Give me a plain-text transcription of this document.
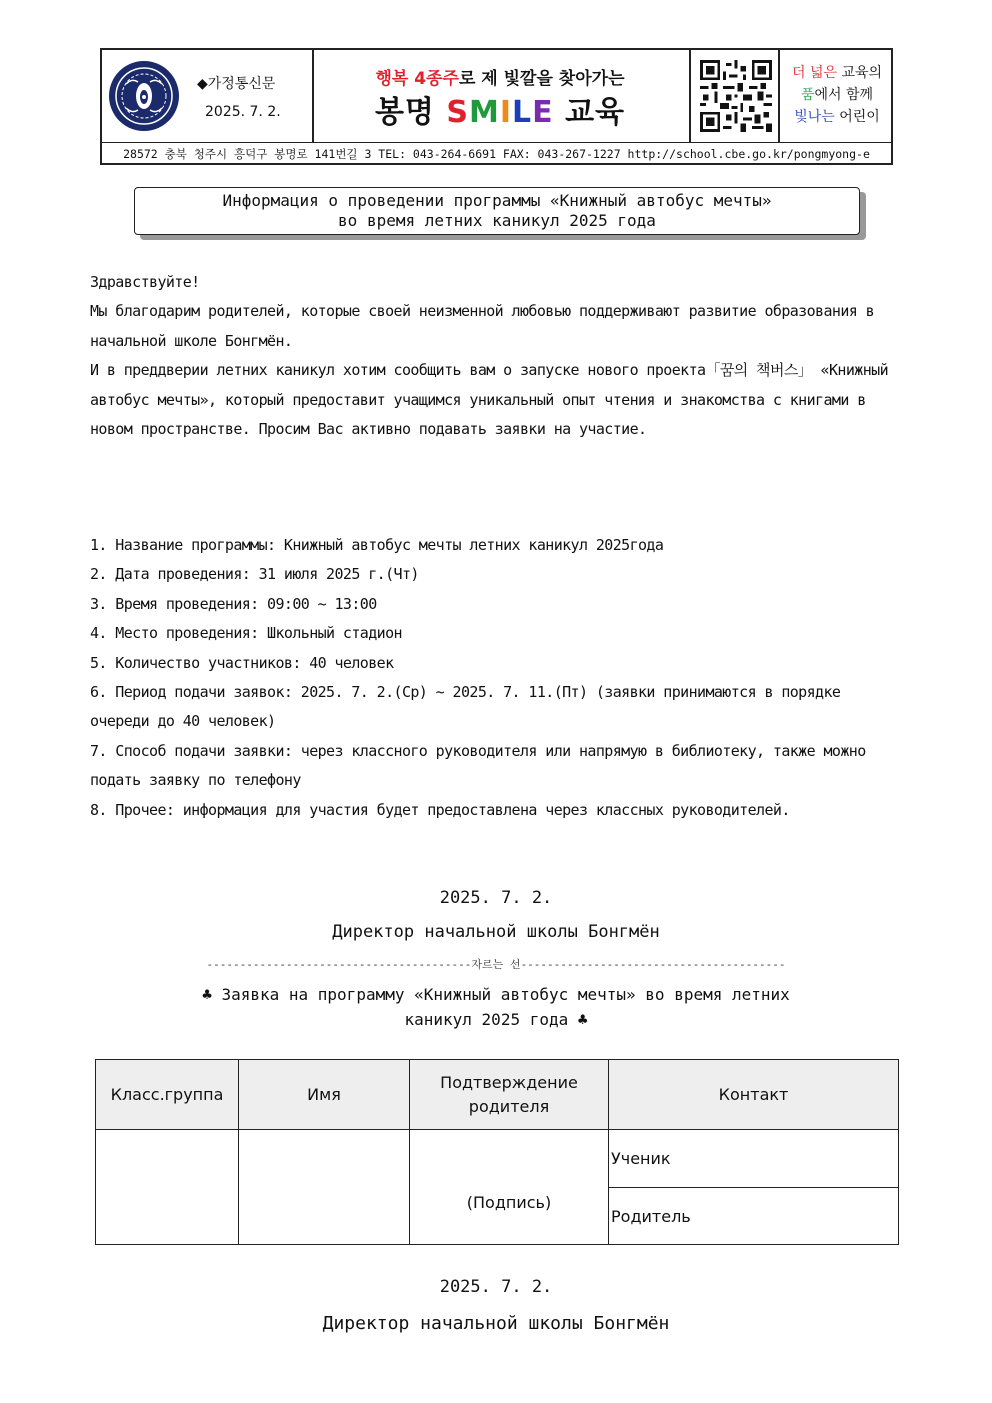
◆가정통신문
2025. 7. 2.
행복 4종주로 제 빛깔을 찾아가는
봉명 SMILE 교육
더 넓은 교육의
품에서 함께
빛나는 어린이
28572 충북 청주시 흥덕구 봉명로 141번길 3 TEL: 043-264-6691 FAX: 043-267-1227 http://school.cbe.go.kr/pongmyong-e
Информация о проведении программы «Книжный автобус мечты»
во время летних каникул 2025 года
Здравствуйте!
Мы благодарим родителей, которые своей неизменной любовью поддерживают развитие образования в начальной школе Бонгмён.
И в преддверии летних каникул хотим сообщить вам о запуске нового проекта「꿈의 책버스」 «Книжный автобус мечты», который предоставит учащимся уникальный опыт чтения и знакомства с книгами в новом пространстве. Просим Вас активно подавать заявки на участие.
1. Название программы: Книжный автобус мечты летних каникул 2025года
2. Дата проведения: 31 июля 2025 г.(Чт)
3. Время проведения: 09:00 ~ 13:00
4. Место проведения: Школьный стадион
5. Количество участников: 40 человек
6. Период подачи заявок: 2025. 7. 2.(Ср) ~ 2025. 7. 11.(Пт) (заявки принимаются в порядке очереди до 40 человек)
7. Способ подачи заявки: через классного руководителя или напрямую в библиотеку, также можно подать заявку по телефону
8. Прочее: информация для участия будет предоставлена через классных руководителей.
2025. 7. 2.
Директор начальной школы Бонгмён
----------------------------------------자르는 선----------------------------------------
♣ Заявка на программу «Книжный автобус мечты» во время летних
каникул 2025 года ♣
Класс.группа	Имя	Подтверждение родителя	Контакт
		(Подпись)	Ученик
			Родитель
2025. 7. 2.
Директор начальной школы Бонгмён
